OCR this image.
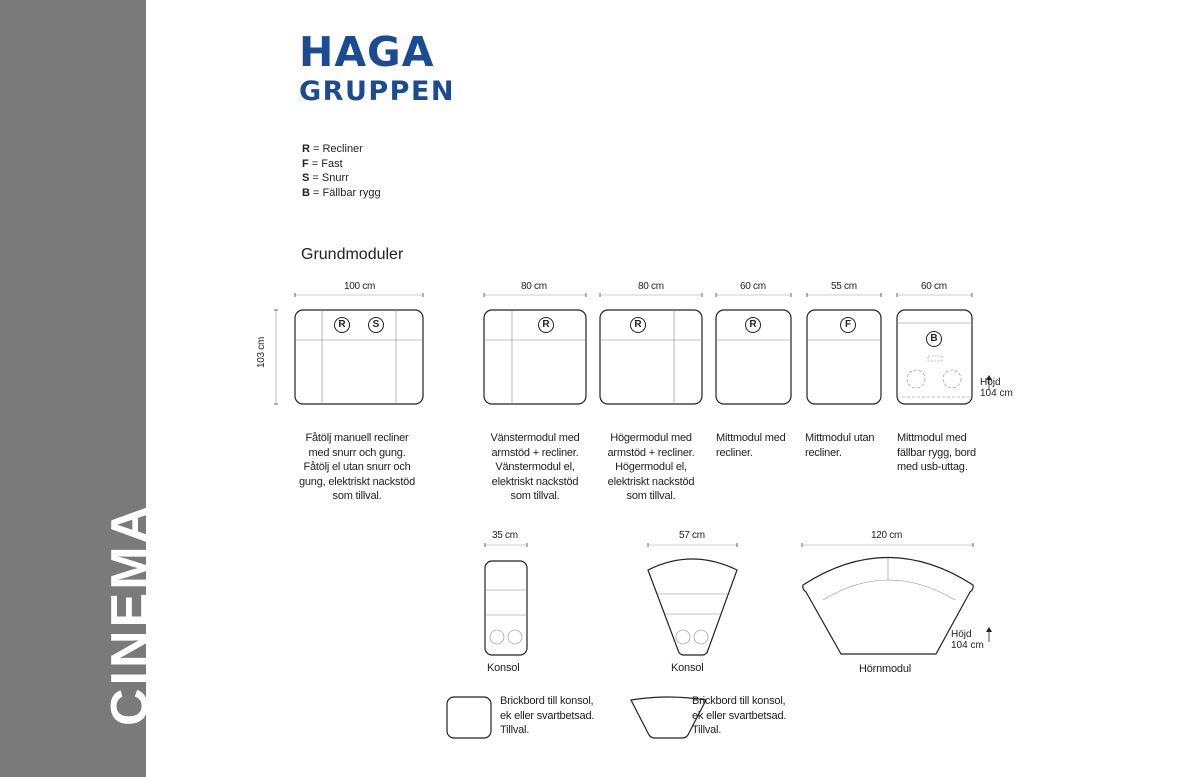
CINEMA
HAGA
GRUPPEN
R = Recliner
F = Fast
S = Snurr
B = Fällbar rygg
Grundmoduler
100 cm
103 cm
80 cm	80 cm	60 cm	55 cm	60 cm
35 cm	57 cm	120 cm
R	S	R	R	R	F
B
Fåtölj manuell recliner
med snurr och gung.
Fåtölj el utan snurr och
gung, elektriskt nackstöd
som tillval.
Vänstermodul med
armstöd + recliner.
Vänstermodul el,
elektriskt nackstöd
som tillval.
Högermodul med
armstöd + recliner.
Högermodul el,
elektriskt nackstöd
som tillval.
Mittmodul med
recliner.
Mittmodul utan
recliner.
Mittmodul med
fällbar rygg, bord
med usb-uttag.
Höjd
104 cm
Höjd
104 cm
Konsol	Konsol	Hörnmodul
Brickbord till konsol,
ek eller svartbetsad.
Tillval.
Brickbord till konsol,
ek eller svartbetsad.
Tillval.
